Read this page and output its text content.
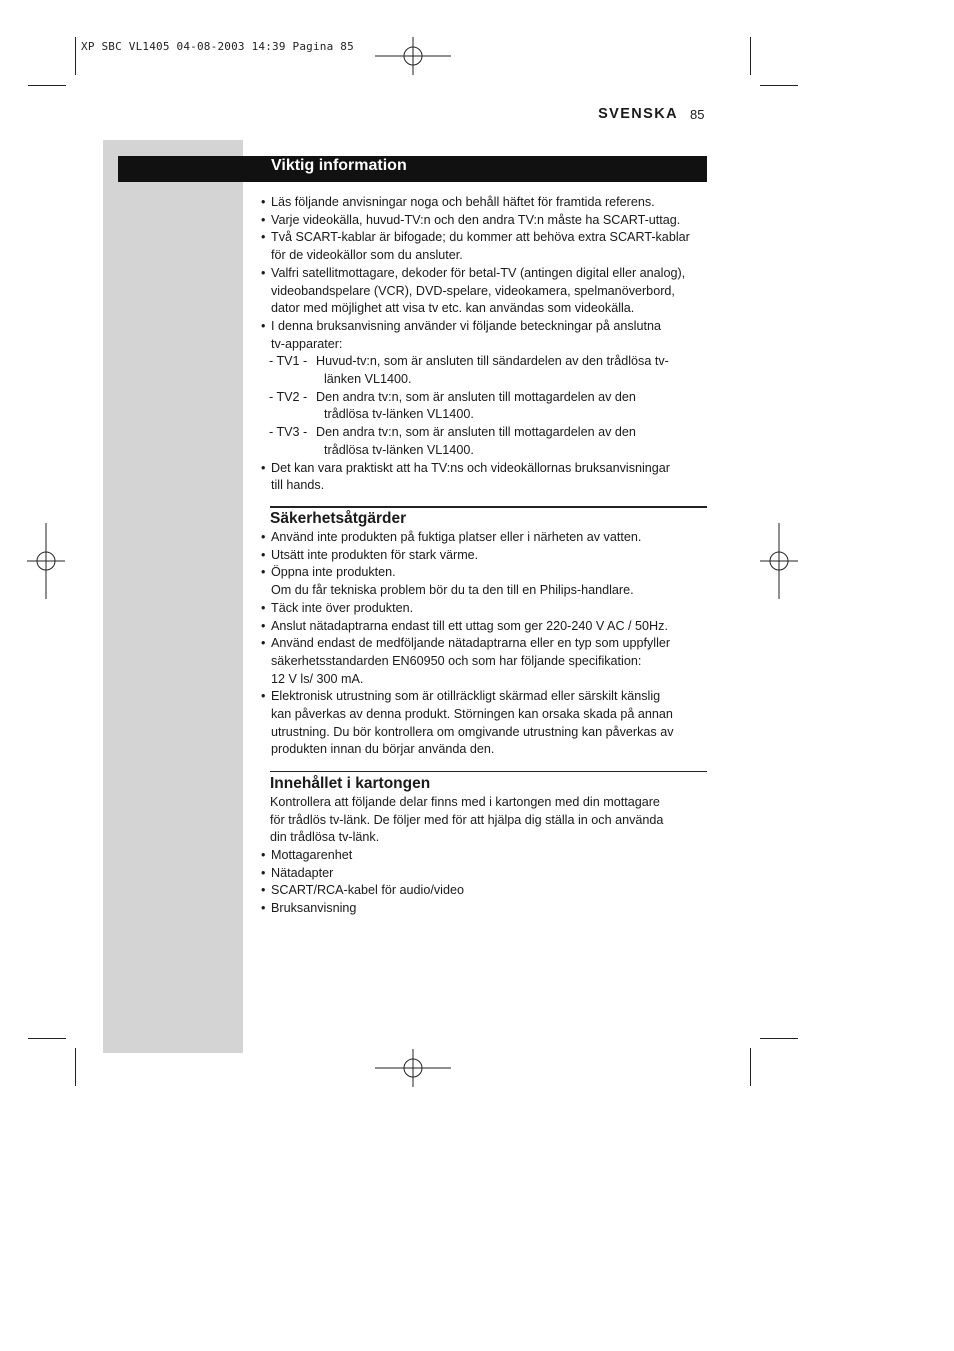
XP SBC VL1405 04-08-2003 14:39 Pagina 85
SVENSKA 85
Viktig information
• Läs följande anvisningar noga och behåll häftet för framtida referens.
• Varje videokälla, huvud-TV:n och den andra TV:n måste ha SCART-uttag.
• Två SCART-kablar är bifogade; du kommer att behöva extra SCART-kablar
för de videokällor som du ansluter.
• Valfri satellitmottagare, dekoder för betal-TV (antingen digital eller analog),
videobandspelare (VCR), DVD-spelare, videokamera, spelmanöverbord,
dator med möjlighet att visa tv etc. kan användas som videokälla.
• I denna bruksanvisning använder vi följande beteckningar på anslutna
tv-apparater:
- TV1 - Huvud-tv:n, som är ansluten till sändardelen av den trådlösa tv-
länken VL1400.
- TV2 - Den andra tv:n, som är ansluten till mottagardelen av den
trådlösa tv-länken VL1400.
- TV3 - Den andra tv:n, som är ansluten till mottagardelen av den
trådlösa tv-länken VL1400.
• Det kan vara praktiskt att ha TV:ns och videokällornas bruksanvisningar
till hands.
Säkerhetsåtgärder
• Använd inte produkten på fuktiga platser eller i närheten av vatten.
• Utsätt inte produkten för stark värme.
• Öppna inte produkten.
Om du får tekniska problem bör du ta den till en Philips-handlare.
• Täck inte över produkten.
• Anslut nätadaptrarna endast till ett uttag som ger 220-240 V AC / 50Hz.
• Använd endast de medföljande nätadaptrarna eller en typ som uppfyller
säkerhetsstandarden EN60950 och som har följande specifikation:
12 V ls/ 300 mA.
• Elektronisk utrustning som är otillräckligt skärmad eller särskilt känslig
kan påverkas av denna produkt. Störningen kan orsaka skada på annan
utrustning. Du bör kontrollera om omgivande utrustning kan påverkas av
produkten innan du börjar använda den.
Innehållet i kartongen
Kontrollera att följande delar finns med i kartongen med din mottagare
för trådlös tv-länk. De följer med för att hjälpa dig ställa in och använda
din trådlösa tv-länk.
• Mottagarenhet
• Nätadapter
• SCART/RCA-kabel för audio/video
• Bruksanvisning
